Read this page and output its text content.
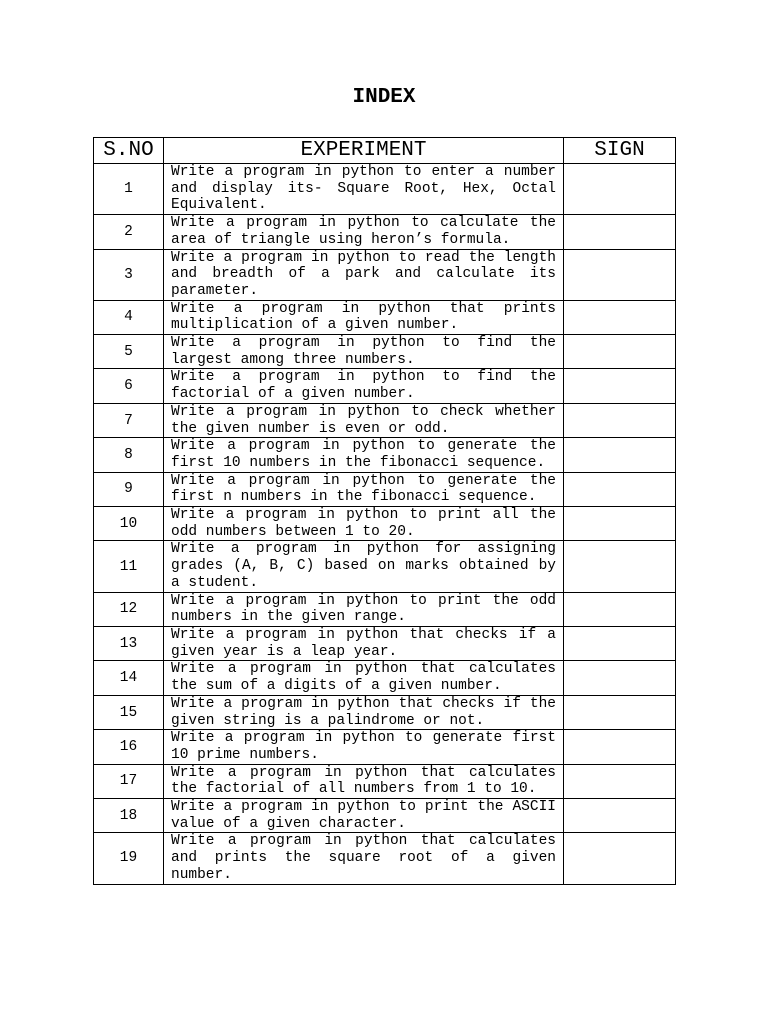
INDEX
S.NO	EXPERIMENT	SIGN
1	Write a program in python to enter a number and display its- Square Root, Hex, Octal Equivalent.	
2	Write a program in python to calculate the area of triangle using heron’s formula.	
3	Write a program in python to read the length and breadth of a park and calculate its parameter.	
4	Write a program in python that prints multiplication of a given number.	
5	Write a program in python to find the largest among three numbers.	
6	Write a program in python to find the factorial of a given number.	
7	Write a program in python to check whether the given number is even or odd.	
8	Write a program in python to generate the first 10 numbers in the fibonacci sequence.	
9	Write a program in python to generate the first n numbers in the fibonacci sequence.	
10	Write a program in python to print all the odd numbers between 1 to 20.	
11	Write a program in python for assigning grades (A, B, C) based on marks obtained by a student.	
12	Write a program in python to print the odd numbers in the given range.	
13	Write a program in python that checks if a given year is a leap year.	
14	Write a program in python that calculates the sum of a digits of a given number.	
15	Write a program in python that checks if the given string is a palindrome or not.	
16	Write a program in python to generate first 10 prime numbers.	
17	Write a program in python that calculates the factorial of all numbers from 1 to 10.	
18	Write a program in python to print the ASCII value of a given character.	
19	Write a program in python that calculates and prints the square root of a given number.	
